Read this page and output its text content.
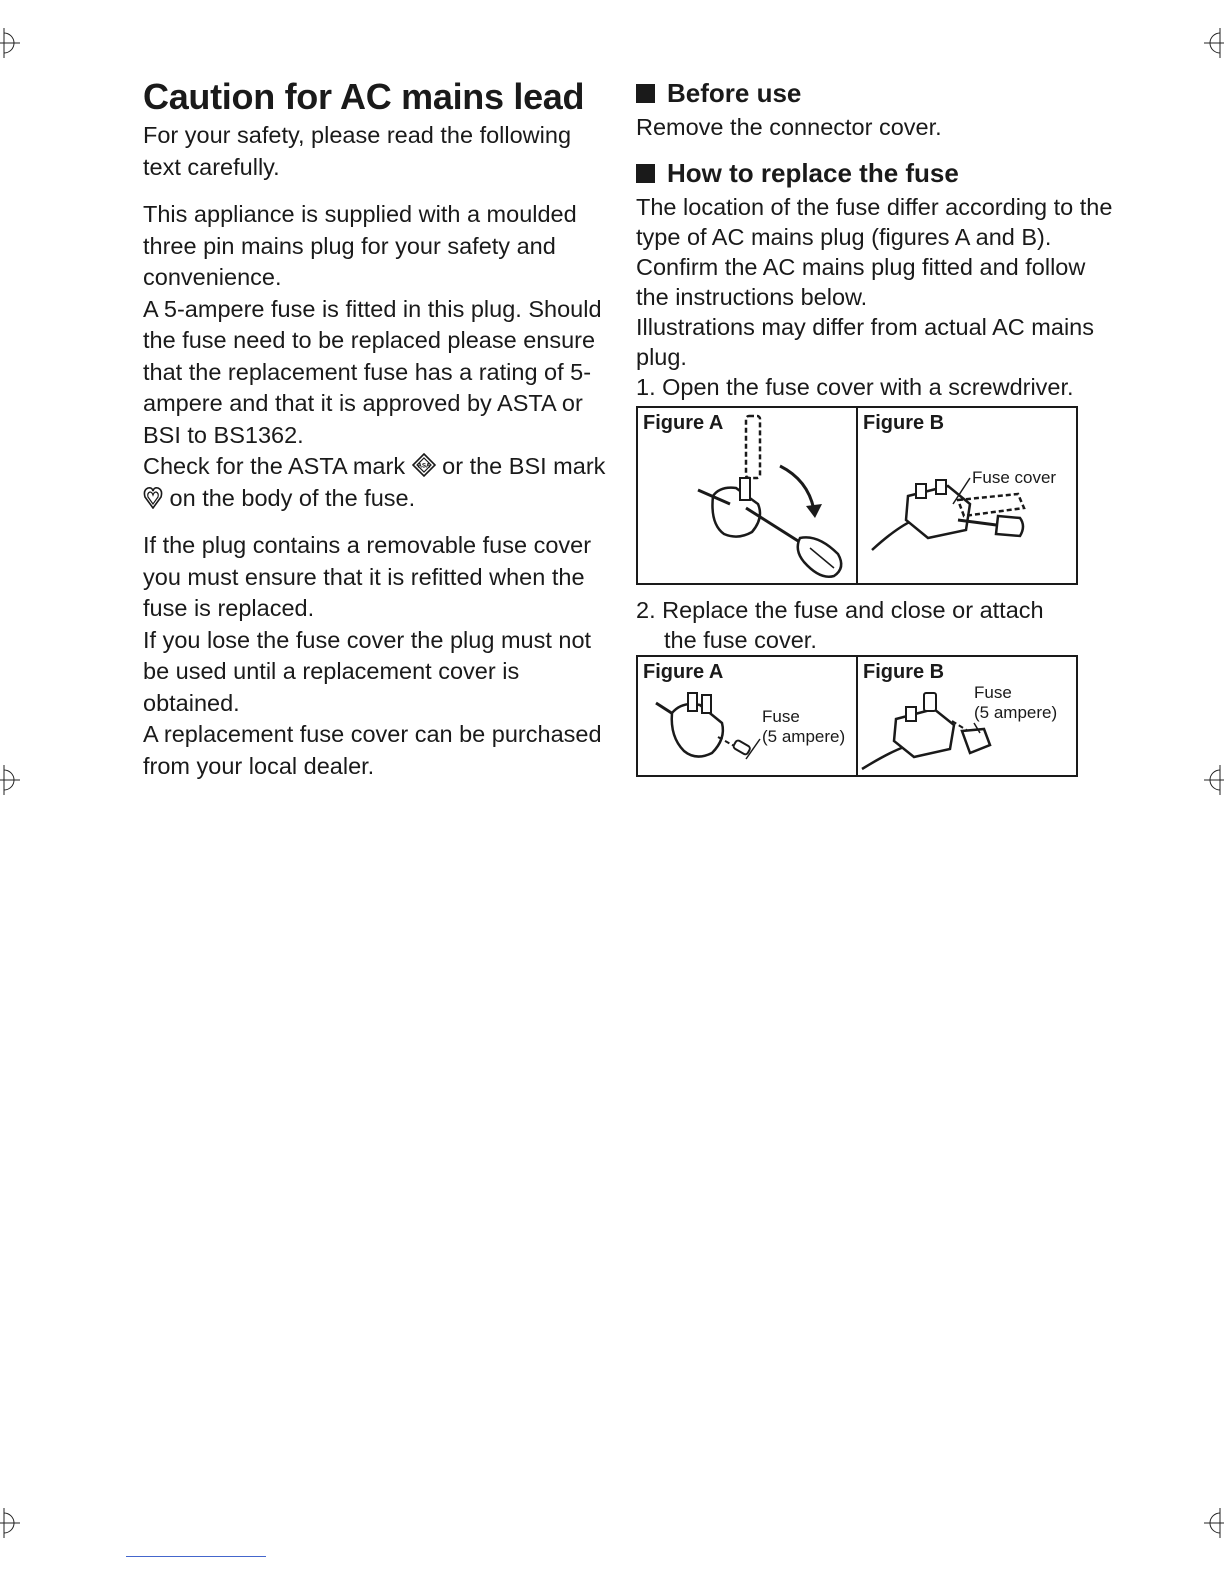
Caution for AC mains lead

For your safety, please read the following text carefully.

This appliance is supplied with a moulded three pin mains plug for your safety and convenience.

A 5-ampere fuse is fitted in this plug. Should the fuse need to be replaced please ensure that the replacement fuse has a rating of 5-ampere and that it is approved by ASTA or BSI to BS1362.

Check for the ASTA mark ASA or the BSI mark  on the body of the fuse.

If the plug contains a removable fuse cover you must ensure that it is refitted when the fuse is replaced.

If you lose the fuse cover the plug must not be used until a replacement cover is obtained.

A replacement fuse cover can be purchased from your local dealer.

Before use

Remove the connector cover.

How to replace the fuse

The location of the fuse differ according to the type of AC mains plug (figures A and B). Confirm the AC mains plug fitted and follow the instructions below.

Illustrations may differ from actual AC mains plug.

1. Open the fuse cover with a screwdriver.

Figure A	Figure B
Fuse cover

2. Replace the fuse and close or attach

the fuse cover.

Figure A
Fuse
(5 ampere)
Figure B
Fuse
(5 ampere)
